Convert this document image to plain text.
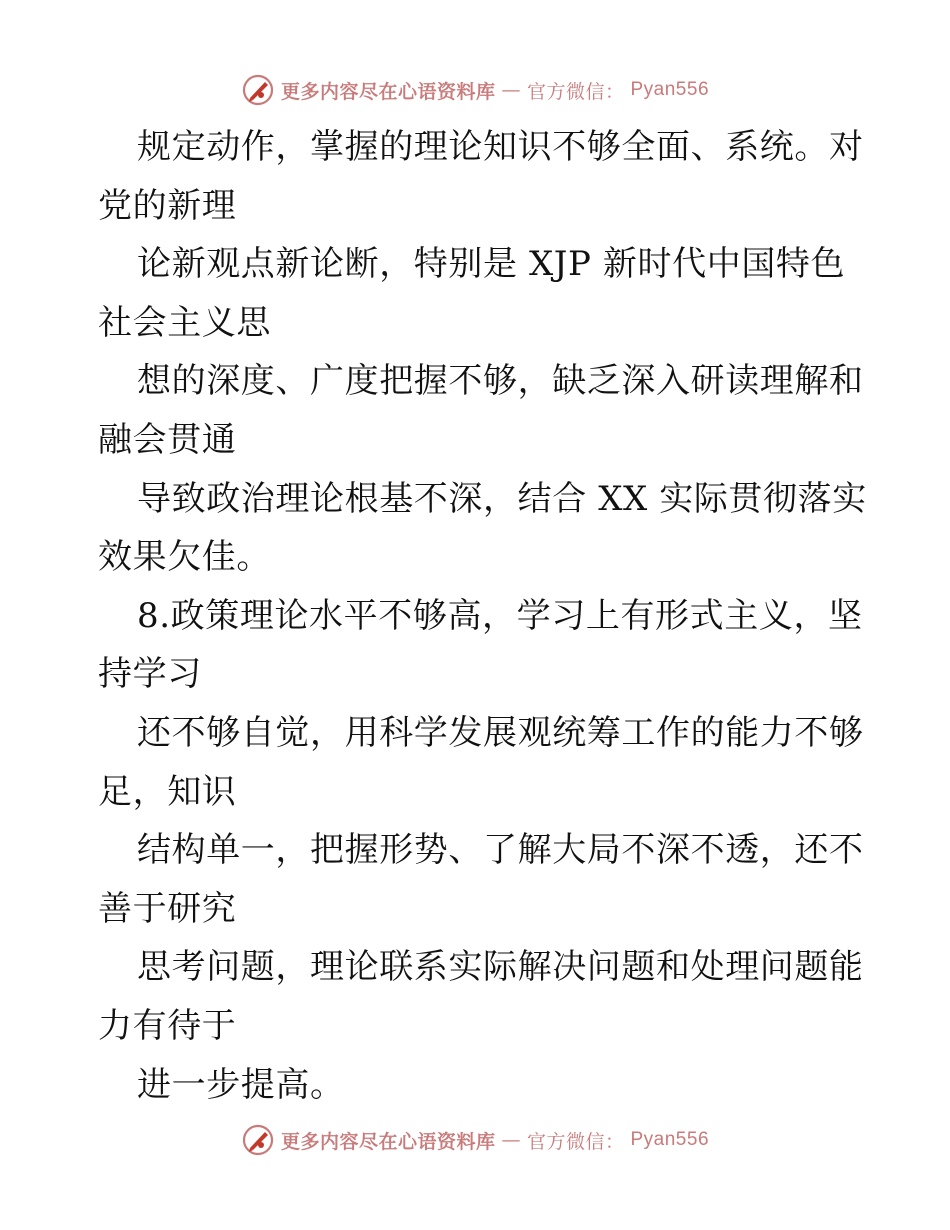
更多内容尽在心语资料库 — 官方微信： Pyan556
规定动作，掌握的理论知识不够全面、系统。对
党的新理
论新观点新论断，特别是 XJP 新时代中国特色
社会主义思
想的深度、广度把握不够，缺乏深入研读理解和
融会贯通
导致政治理论根基不深，结合 XX 实际贯彻落实
效果欠佳。
8.政策理论水平不够高，学习上有形式主义，坚
持学习
还不够自觉，用科学发展观统筹工作的能力不够
足，知识
结构单一，把握形势、了解大局不深不透，还不
善于研究
思考问题，理论联系实际解决问题和处理问题能
力有待于
进一步提高。
更多内容尽在心语资料库 — 官方微信： Pyan556
